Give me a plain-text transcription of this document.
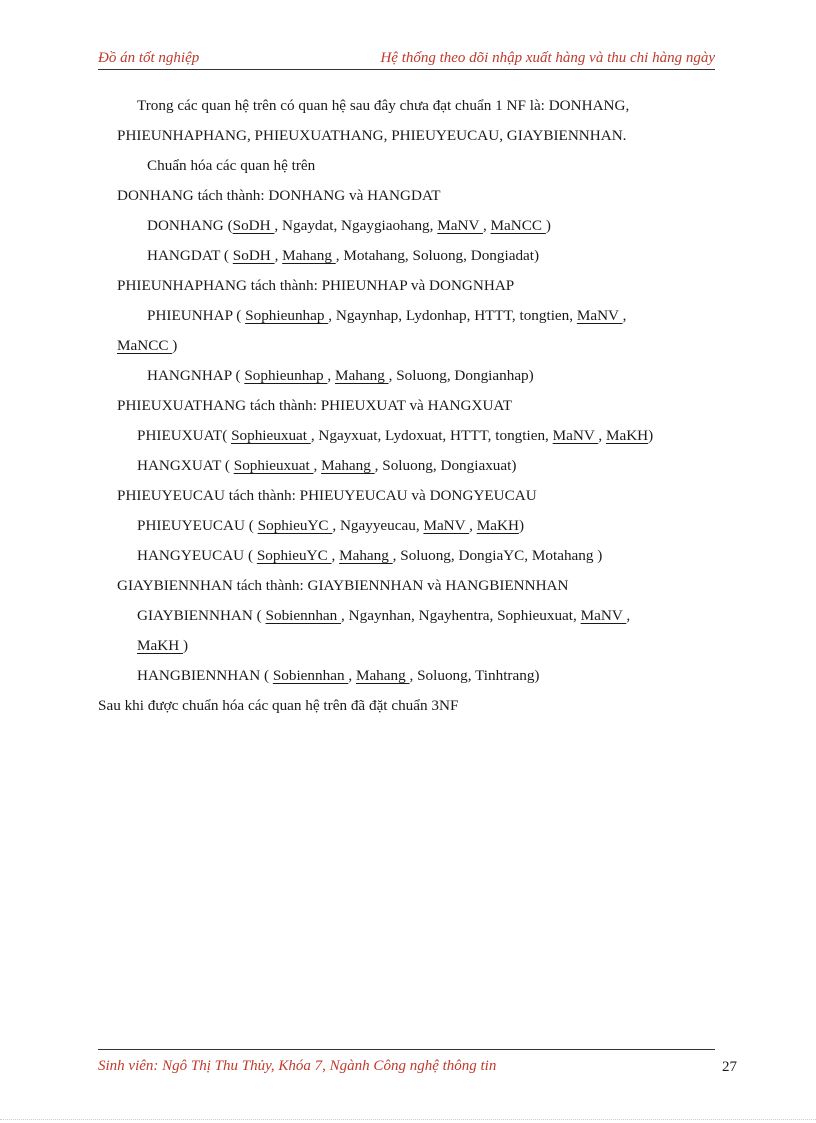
Đồ án tốt nghiệp	Hệ thống theo dõi nhập xuất hàng và thu chi hàng ngày
Trong các quan hệ trên có quan hệ sau đây chưa đạt chuẩn 1 NF là: DONHANG,
PHIEUNHAPHANG, PHIEUXUATHANG, PHIEUYEUCAU, GIAYBIENNHAN.
Chuẩn hóa các quan hệ trên
DONHANG tách thành: DONHANG và HANGDAT
DONHANG (SoDH , Ngaydat, Ngaygiaohang, MaNV , MaNCC )
HANGDAT ( SoDH , Mahang , Motahang, Soluong, Dongiadat)
PHIEUNHAPHANG tách thành: PHIEUNHAP và DONGNHAP
PHIEUNHAP ( Sophieunhap , Ngaynhap, Lydonhap, HTTT, tongtien, MaNV ,
MaNCC )
HANGNHAP ( Sophieunhap , Mahang , Soluong, Dongianhap)
PHIEUXUATHANG tách thành: PHIEUXUAT và HANGXUAT
PHIEUXUAT( Sophieuxuat , Ngayxuat, Lydoxuat, HTTT, tongtien, MaNV , MaKH)
HANGXUAT ( Sophieuxuat , Mahang , Soluong, Dongiaxuat)
PHIEUYEUCAU tách thành: PHIEUYEUCAU và DONGYEUCAU
PHIEUYEUCAU ( SophieuYC , Ngayyeucau, MaNV , MaKH)
HANGYEUCAU ( SophieuYC , Mahang , Soluong, DongiaYC, Motahang )
GIAYBIENNHAN tách thành: GIAYBIENNHAN và HANGBIENNHAN
GIAYBIENNHAN ( Sobiennhan , Ngaynhan, Ngayhentra, Sophieuxuat, MaNV ,
MaKH )
HANGBIENNHAN ( Sobiennhan , Mahang , Soluong, Tinhtrang)
Sau khi được chuẩn hóa các quan hệ trên đã đặt chuẩn 3NF
Sinh viên: Ngô Thị Thu Thủy, Khóa 7, Ngành Công nghệ thông tin	27
